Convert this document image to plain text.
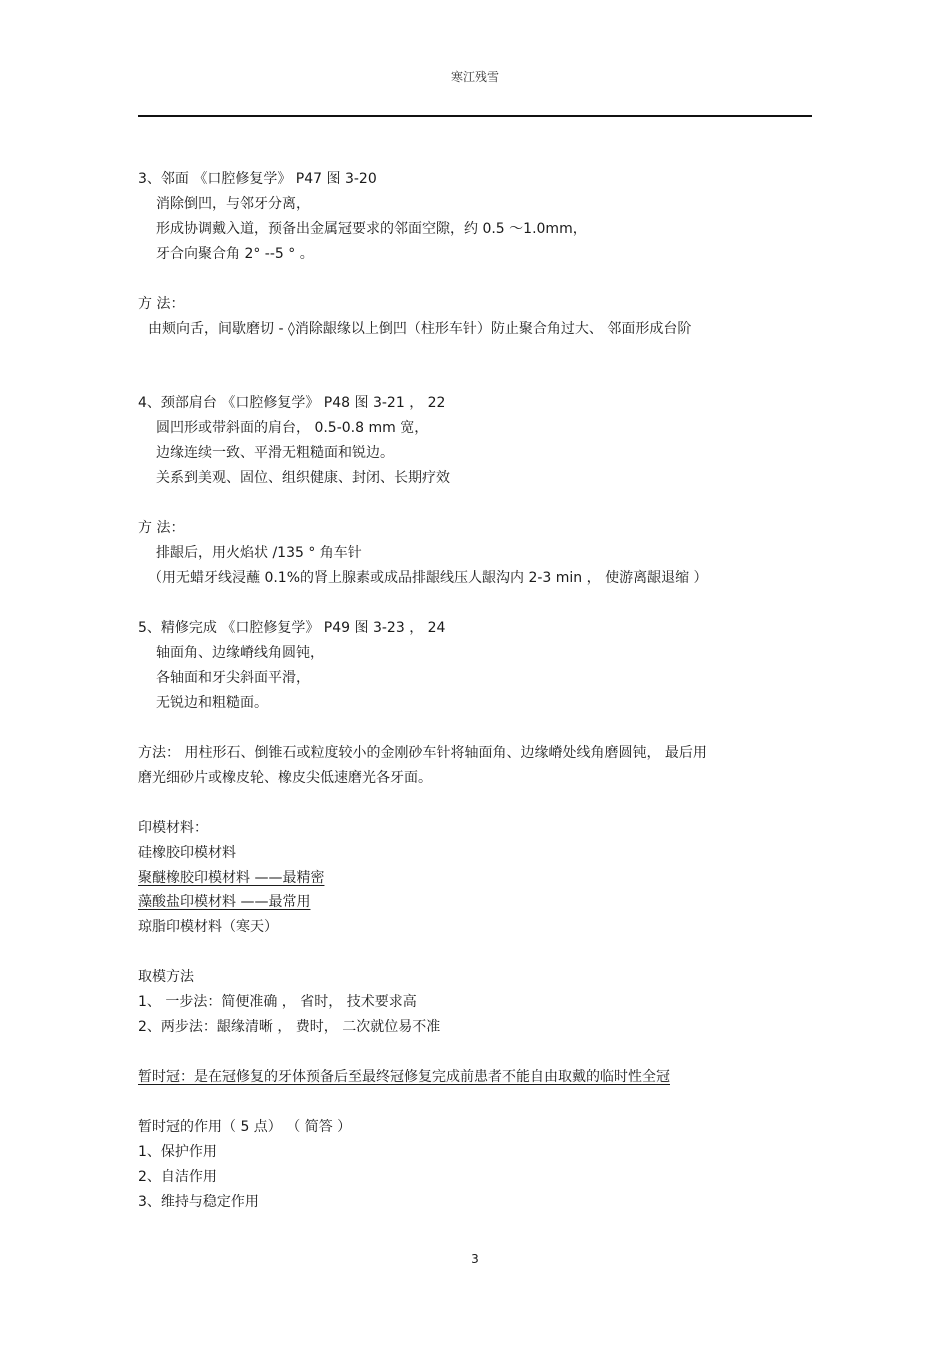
寒江残雪
3、邻面 《口腔修复学》 P47 图 3-20
消除倒凹，与邻牙分离，
形成协调戴入道，预备出金属冠要求的邻面空隙，约 0.5 ～1.0mm，
牙合向聚合角 2° --5 ° 。
方 法：
由颊向舌，间歇磨切 - ◊消除龈缘以上倒凹（柱形车针）防止聚合角过大、 邻面形成台阶
4、颈部肩台 《口腔修复学》 P48 图 3-21 ， 22
圆凹形或带斜面的肩台， 0.5-0.8 mm 宽，
边缘连续一致、平滑无粗糙面和锐边。
关系到美观、固位、组织健康、封闭、长期疗效
方 法：
排龈后，用火焰状 /135 ° 角车针
（用无蜡牙线浸蘸 0.1%的肾上腺素或成品排龈线压人龈沟内 2-3 min ， 使游离龈退缩 ）
5、精修完成 《口腔修复学》 P49 图 3-23 ， 24
轴面角、边缘嵴线角圆钝，
各轴面和牙尖斜面平滑，
无锐边和粗糙面。
方法： 用柱形石、倒锥石或粒度较小的金刚砂车针将轴面角、边缘嵴处线角磨圆钝， 最后用
磨光细砂片或橡皮轮、橡皮尖低速磨光各牙面。
印模材料：
硅橡胶印模材料
聚醚橡胶印模材料 ——最精密
藻酸盐印模材料 ——最常用
琼脂印模材料（寒天）
取模方法
1、 一步法：简便准确 ， 省时， 技术要求高
2、两步法：龈缘清晰 ， 费时， 二次就位易不准
暂时冠：是在冠修复的牙体预备后至最终冠修复完成前患者不能自由取戴的临时性全冠
暂时冠的作用（ 5 点） （ 简答 ）
1、保护作用
2、自洁作用
3、维持与稳定作用
3
